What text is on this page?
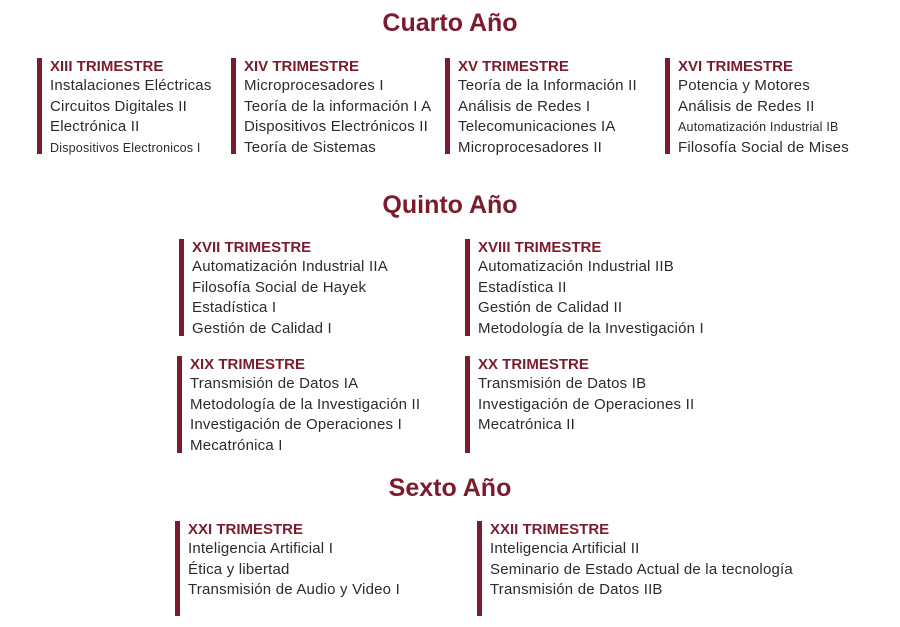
Cuarto Año
XIII TRIMESTRE
Instalaciones Eléctricas
Circuitos Digitales II
Electrónica II
Dispositivos Electronicos I
XIV TRIMESTRE
Microprocesadores I
Teoría de la información I A
Dispositivos Electrónicos II
Teoría de Sistemas
XV TRIMESTRE
Teoría de la Información II
Análisis de Redes I
Telecomunicaciones IA
Microprocesadores II
XVI TRIMESTRE
Potencia y Motores
Análisis de Redes II
Automatización Industrial IB
Filosofía Social de Mises
Quinto Año
XVII TRIMESTRE
Automatización Industrial IIA
Filosofía Social de Hayek
Estadística I
Gestión de Calidad I
XVIII TRIMESTRE
Automatización Industrial IIB
Estadística II
Gestión de Calidad II
Metodología de la Investigación I
XIX TRIMESTRE
Transmisión de Datos IA
Metodología de la Investigación II
Investigación de Operaciones I
Mecatrónica I
XX TRIMESTRE
Transmisión de Datos IB
Investigación de Operaciones II
Mecatrónica II
Sexto Año
XXI TRIMESTRE
Inteligencia Artificial I
Ética y libertad
Transmisión de Audio y Video I
XXII TRIMESTRE
Inteligencia Artificial II
Seminario de Estado Actual de la tecnología
Transmisión de Datos IIB
